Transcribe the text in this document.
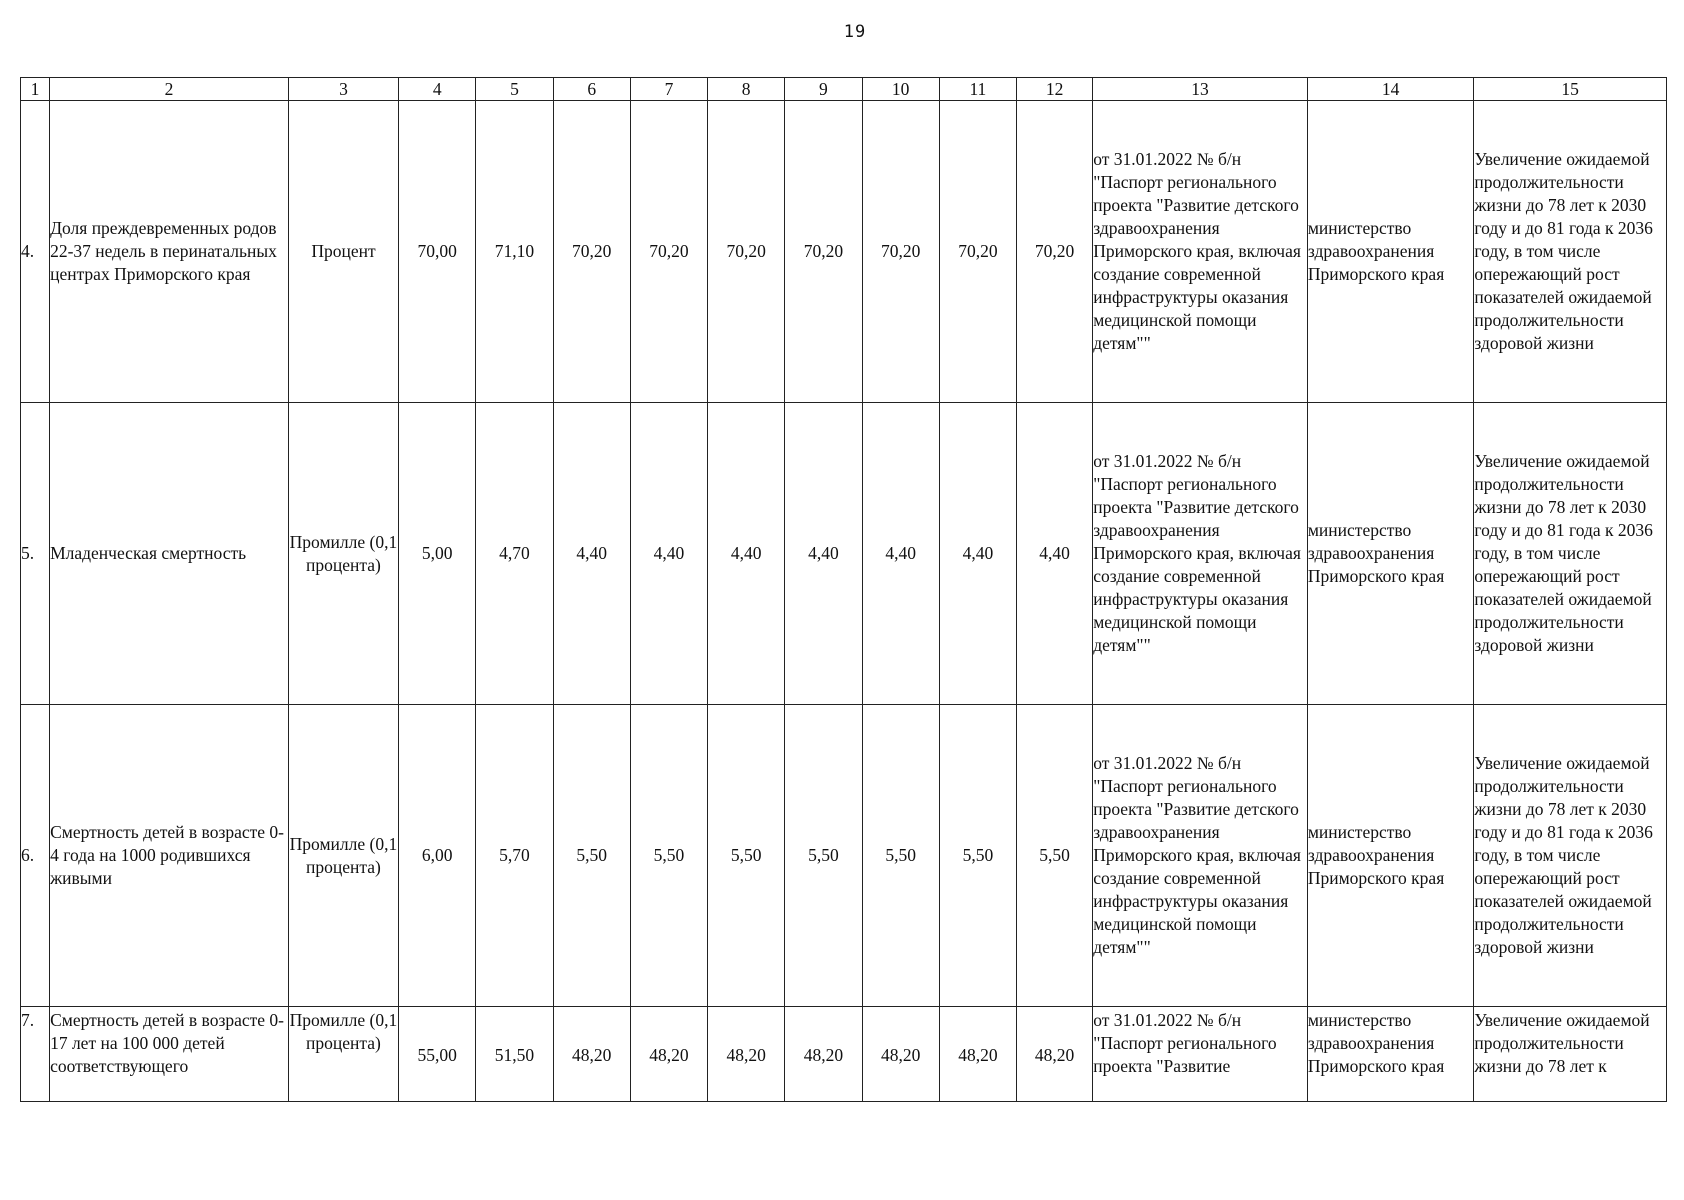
19
1	2	3	4	5	6	7	8	9	10	11	12	13	14	15
4.	Доля преждевременных родов 22-37 недель в перинатальных центрах Приморского края	Процент	70,00	71,10	70,20	70,20	70,20	70,20	70,20	70,20	70,20	от 31.01.2022 № б/н "Паспорт регионального проекта "Развитие детского здравоохранения Приморского края, включая создание современной инфраструктуры оказания медицинской помощи детям""	министерство здравоохранения Приморского края	Увеличение ожидаемой продолжительности жизни до 78 лет к 2030 году и до 81 года к 2036 году, в том числе опережающий рост показателей ожидаемой продолжительности здоровой жизни
5.	Младенческая смертность	Промилле (0,1 процента)	5,00	4,70	4,40	4,40	4,40	4,40	4,40	4,40	4,40	от 31.01.2022 № б/н "Паспорт регионального проекта "Развитие детского здравоохранения Приморского края, включая создание современной инфраструктуры оказания медицинской помощи детям""	министерство здравоохранения Приморского края	Увеличение ожидаемой продолжительности жизни до 78 лет к 2030 году и до 81 года к 2036 году, в том числе опережающий рост показателей ожидаемой продолжительности здоровой жизни
6.	Смертность детей в возрасте 0-4 года на 1000 родившихся живыми	Промилле (0,1 процента)	6,00	5,70	5,50	5,50	5,50	5,50	5,50	5,50	5,50	от 31.01.2022 № б/н "Паспорт регионального проекта "Развитие детского здравоохранения Приморского края, включая создание современной инфраструктуры оказания медицинской помощи детям""	министерство здравоохранения Приморского края	Увеличение ожидаемой продолжительности жизни до 78 лет к 2030 году и до 81 года к 2036 году, в том числе опережающий рост показателей ожидаемой продолжительности здоровой жизни

7.	Смертность детей в возрасте 0-17 лет на 100 000 детей соответствующего	Промилле (0,1 процента)	55,00	51,50	48,20	48,20	48,20	48,20	48,20	48,20	48,20	от 31.01.2022 № б/н "Паспорт регионального проекта "Развитие	министерство здравоохранения Приморского края	Увеличение ожидаемой продолжительности жизни до 78 лет к
